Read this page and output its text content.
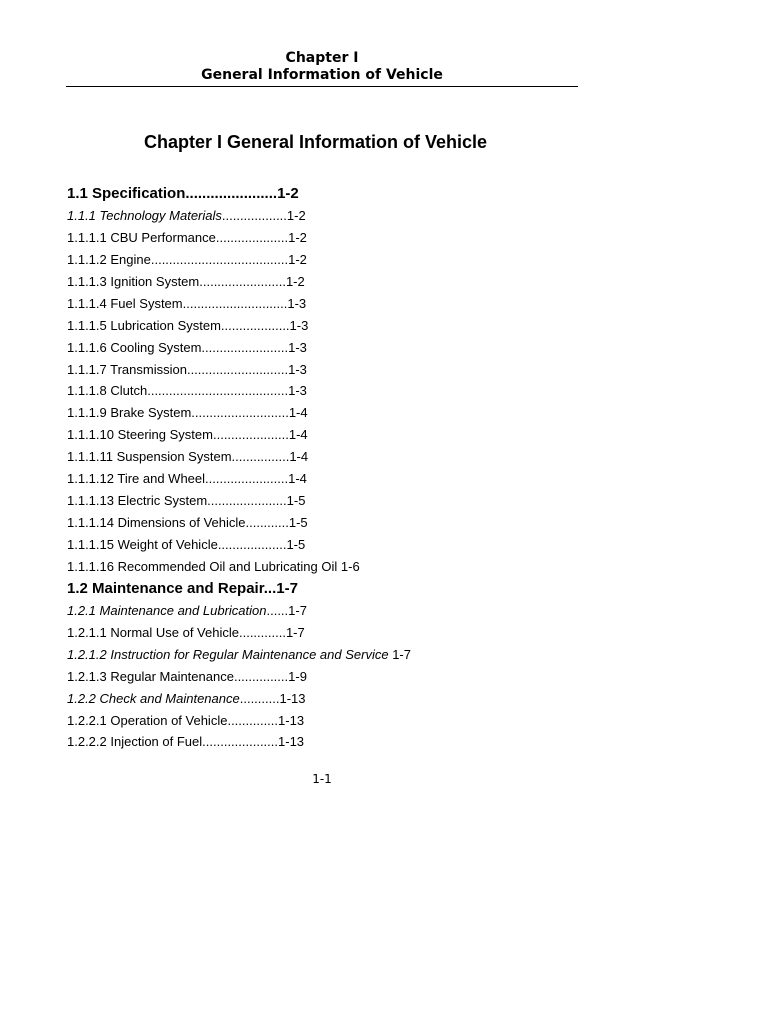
Chapter I
General Information of Vehicle
Chapter I General Information of Vehicle
1.1 Specification......................1-2
1.1.1 Technology Materials..................1-2
1.1.1.1 CBU Performance....................1-2
1.1.1.2 Engine......................................1-2
1.1.1.3 Ignition System........................1-2
1.1.1.4 Fuel System.............................1-3
1.1.1.5 Lubrication System...................1-3
1.1.1.6 Cooling System........................1-3
1.1.1.7 Transmission............................1-3
1.1.1.8 Clutch.......................................1-3
1.1.1.9 Brake System...........................1-4
1.1.1.10 Steering System.....................1-4
1.1.1.11 Suspension System................1-4
1.1.1.12 Tire and Wheel.......................1-4
1.1.1.13 Electric System......................1-5
1.1.1.14 Dimensions of Vehicle............1-5
1.1.1.15 Weight of Vehicle...................1-5
1.1.1.16 Recommended Oil and Lubricating Oil 1-6
1.2 Maintenance and Repair...1-7
1.2.1 Maintenance and Lubrication......1-7
1.2.1.1 Normal Use of Vehicle.............1-7
1.2.1.2 Instruction for Regular Maintenance and Service 1-7
1.2.1.3 Regular Maintenance...............1-9
1.2.2 Check and Maintenance...........1-13
1.2.2.1 Operation of Vehicle..............1-13
1.2.2.2 Injection of Fuel.....................1-13
1-1
